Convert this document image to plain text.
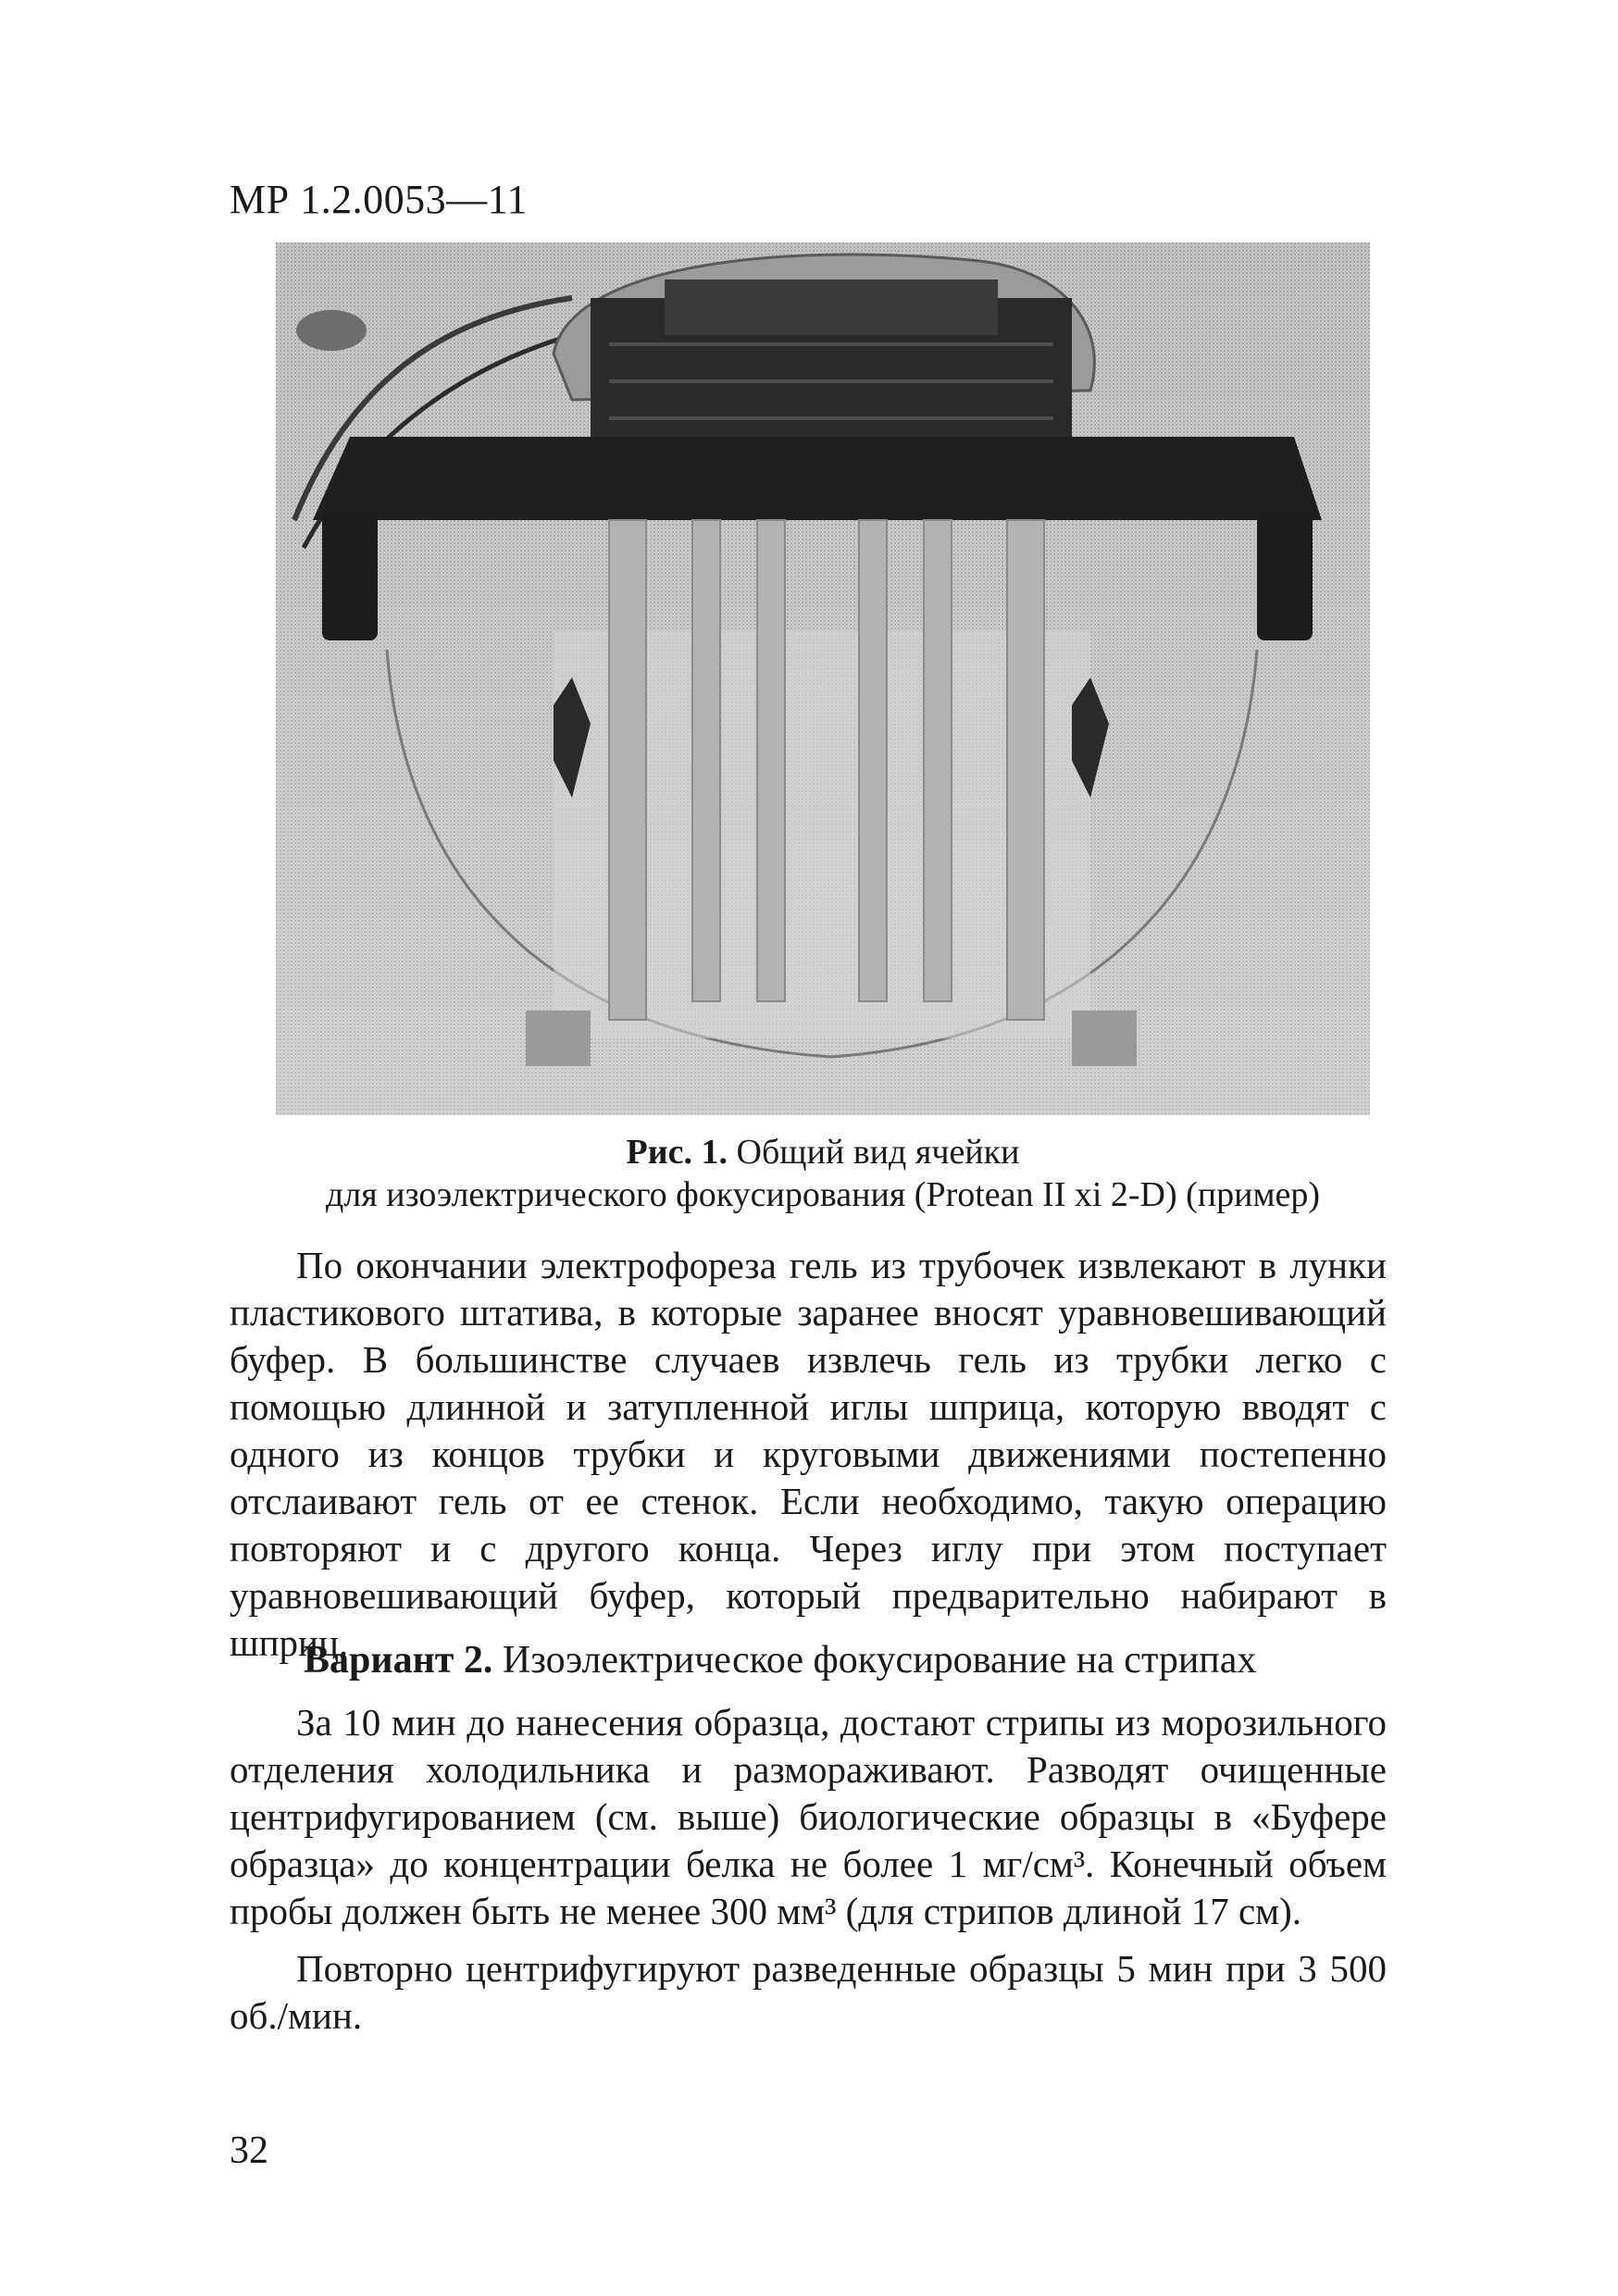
МР 1.2.0053—11
Рис. 1. Общий вид ячейки
для изоэлектрического фокусирования (Protean II xi 2-D) (пример)

По окончании электрофореза гель из трубочек извлекают в лунки пластикового штатива, в которые заранее вносят уравновешивающий буфер. В большинстве случаев извлечь гель из трубки легко с помощью длинной и затупленной иглы шприца, которую вводят с одного из концов трубки и круговыми движениями постепенно отслаивают гель от ее стенок. Если необходимо, такую операцию повторяют и с другого конца. Через иглу при этом поступает уравновешивающий буфер, который предварительно набирают в шприц.

Вариант 2. Изоэлектрическое фокусирование на стрипах

За 10 мин до нанесения образца, достают стрипы из морозильного отделения холодильника и размораживают. Разводят очищенные центрифугированием (см. выше) биологические образцы в «Буфере образца» до концентрации белка не более 1 мг/см³. Конечный объем пробы должен быть не менее 300 мм³ (для стрипов длиной 17 см).

Повторно центрифугируют разведенные образцы 5 мин при 3 500 об./мин.

32
